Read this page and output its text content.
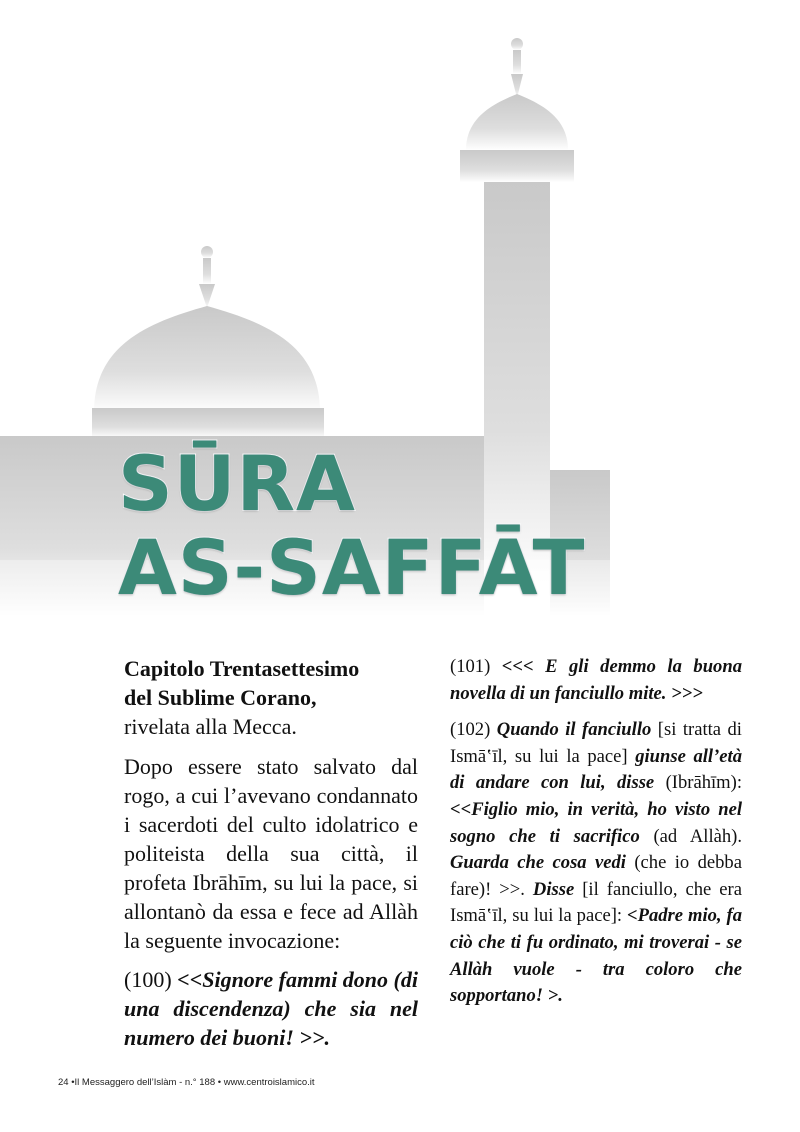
SŪRA
AS-SAFFĀT

Capitolo Trentasettesimo
del Sublime Corano,

rivelata alla Mecca.

Dopo essere stato salvato dal rogo, a cui l’avevano condannato i sacerdoti del culto idolatrico e politeista della sua città, il profeta Ibrāhīm, su lui la pace, si allontanò da essa e fece ad Allàh la seguente invocazione:

(100) <<Signore fammi dono (di una discendenza) che sia nel numero dei buoni! >>.

(101) <<< E gli demmo la buona novella di un fanciullo mite. >>>

(102) Quando il fanciullo [si tratta di Ismāʽīl, su lui la pace] giunse all’età di andare con lui, disse (Ibrāhīm): <<Figlio mio, in verità, ho visto nel sogno che ti sacrifico (ad Allàh). Guarda che cosa vedi (che io debba fare)! >>. Disse [il fanciullo, che era Ismāʽīl, su lui la pace]: <Padre mio, fa ciò che ti fu ordinato, mi troverai - se Allàh vuole - tra coloro che sopportano! >.

24 •Il Messaggero dell’Islàm - n.° 188 • www.centroislamico.it
